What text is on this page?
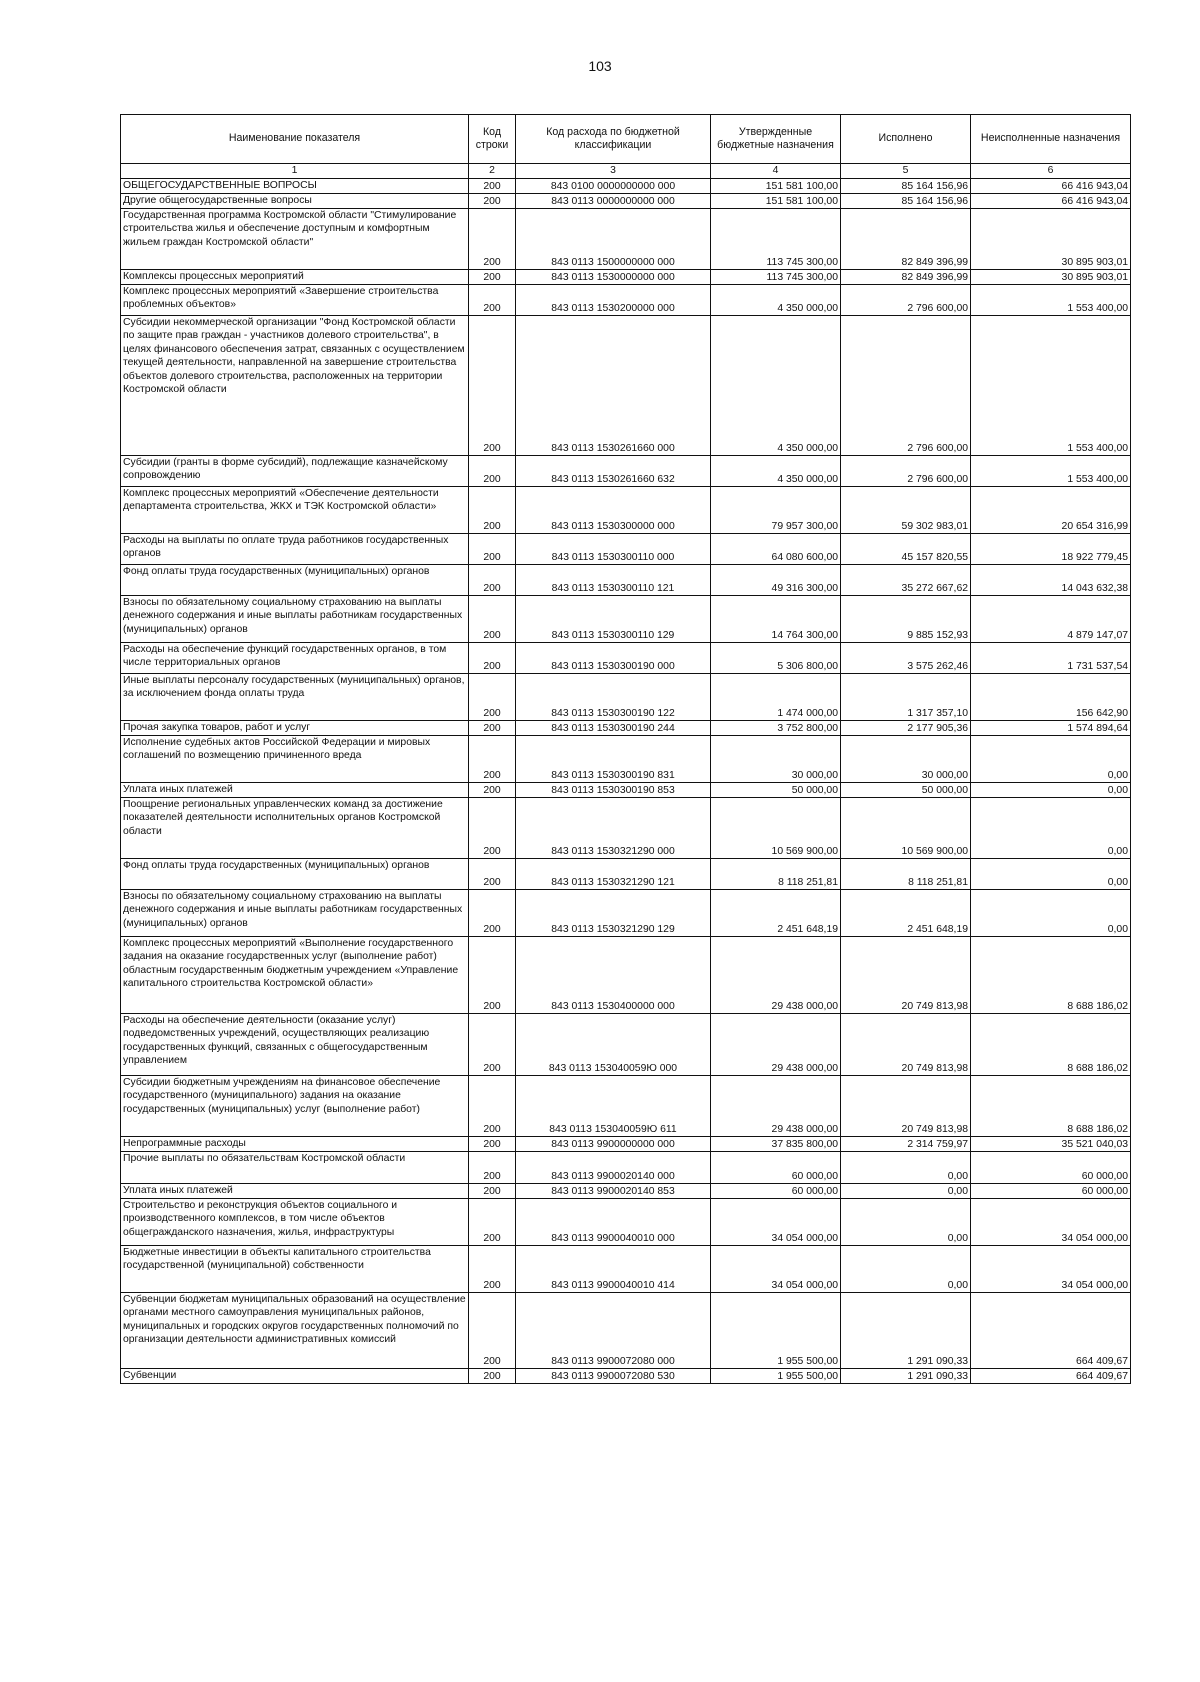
103
Наименование показателя	Код строки	Код расхода по бюджетной классификации	Утвержденные бюджетные назначения	Исполнено	Неисполненные назначения
1	2	3	4	5	6
ОБЩЕГОСУДАРСТВЕННЫЕ ВОПРОСЫ	200	843 0100 0000000000 000	151 581 100,00	85 164 156,96	66 416 943,04
Другие общегосударственные вопросы	200	843 0113 0000000000 000	151 581 100,00	85 164 156,96	66 416 943,04
Государственная программа Костромской области "Стимулирование строительства жилья и обеспечение доступным и комфортным жильем граждан Костромской области"	200	843 0113 1500000000 000	113 745 300,00	82 849 396,99	30 895 903,01
Комплексы процессных мероприятий	200	843 0113 1530000000 000	113 745 300,00	82 849 396,99	30 895 903,01
Комплекс процессных мероприятий «Завершение строительства проблемных объектов»	200	843 0113 1530200000 000	4 350 000,00	2 796 600,00	1 553 400,00
Субсидии некоммерческой организации "Фонд Костромской области по защите прав граждан - участников долевого строительства", в целях финансового обеспечения затрат, связанных с осуществлением текущей деятельности, направленной на завершение строительства объектов долевого строительства, расположенных на территории Костромской области	200	843 0113 1530261660 000	4 350 000,00	2 796 600,00	1 553 400,00
Субсидии (гранты в форме субсидий), подлежащие казначейскому сопровождению	200	843 0113 1530261660 632	4 350 000,00	2 796 600,00	1 553 400,00
Комплекс процессных мероприятий «Обеспечение деятельности департамента строительства, ЖКХ и ТЭК Костромской области»	200	843 0113 1530300000 000	79 957 300,00	59 302 983,01	20 654 316,99
Расходы на выплаты по оплате труда работников государственных органов	200	843 0113 1530300110 000	64 080 600,00	45 157 820,55	18 922 779,45
Фонд оплаты труда государственных (муниципальных) органов	200	843 0113 1530300110 121	49 316 300,00	35 272 667,62	14 043 632,38
Взносы по обязательному социальному страхованию на выплаты денежного содержания и иные выплаты работникам государственных (муниципальных) органов	200	843 0113 1530300110 129	14 764 300,00	9 885 152,93	4 879 147,07
Расходы на обеспечение функций государственных органов, в том числе территориальных органов	200	843 0113 1530300190 000	5 306 800,00	3 575 262,46	1 731 537,54
Иные выплаты персоналу государственных (муниципальных) органов, за исключением фонда оплаты труда	200	843 0113 1530300190 122	1 474 000,00	1 317 357,10	156 642,90
Прочая закупка товаров, работ и услуг	200	843 0113 1530300190 244	3 752 800,00	2 177 905,36	1 574 894,64
Исполнение судебных актов Российской Федерации и мировых соглашений по возмещению причиненного вреда	200	843 0113 1530300190 831	30 000,00	30 000,00	0,00
Уплата иных платежей	200	843 0113 1530300190 853	50 000,00	50 000,00	0,00
Поощрение региональных управленческих команд за достижение показателей деятельности исполнительных органов Костромской области	200	843 0113 1530321290 000	10 569 900,00	10 569 900,00	0,00
Фонд оплаты труда государственных (муниципальных) органов	200	843 0113 1530321290 121	8 118 251,81	8 118 251,81	0,00
Взносы по обязательному социальному страхованию на выплаты денежного содержания и иные выплаты работникам государственных (муниципальных) органов	200	843 0113 1530321290 129	2 451 648,19	2 451 648,19	0,00
Комплекс процессных мероприятий «Выполнение государственного задания на оказание государственных услуг (выполнение работ) областным государственным бюджетным учреждением «Управление капитального строительства Костромской области»	200	843 0113 1530400000 000	29 438 000,00	20 749 813,98	8 688 186,02
Расходы на обеспечение деятельности (оказание услуг) подведомственных учреждений, осуществляющих реализацию государственных функций, связанных с общегосударственным управлением	200	843 0113 153040059Ю 000	29 438 000,00	20 749 813,98	8 688 186,02
Субсидии бюджетным учреждениям на финансовое обеспечение государственного (муниципального) задания на оказание государственных (муниципальных) услуг (выполнение работ)	200	843 0113 153040059Ю 611	29 438 000,00	20 749 813,98	8 688 186,02
Непрограммные расходы	200	843 0113 9900000000 000	37 835 800,00	2 314 759,97	35 521 040,03
Прочие выплаты по обязательствам Костромской области	200	843 0113 9900020140 000	60 000,00	0,00	60 000,00
Уплата иных платежей	200	843 0113 9900020140 853	60 000,00	0,00	60 000,00
Строительство и реконструкция объектов социального и производственного комплексов, в том числе объектов общегражданского назначения, жилья, инфраструктуры	200	843 0113 9900040010 000	34 054 000,00	0,00	34 054 000,00
Бюджетные инвестиции в объекты капитального строительства государственной (муниципальной) собственности	200	843 0113 9900040010 414	34 054 000,00	0,00	34 054 000,00
Субвенции бюджетам муниципальных образований на осуществление органами местного самоуправления муниципальных районов, муниципальных и городских округов государственных полномочий по организации деятельности административных комиссий	200	843 0113 9900072080 000	1 955 500,00	1 291 090,33	664 409,67
Субвенции	200	843 0113 9900072080 530	1 955 500,00	1 291 090,33	664 409,67
